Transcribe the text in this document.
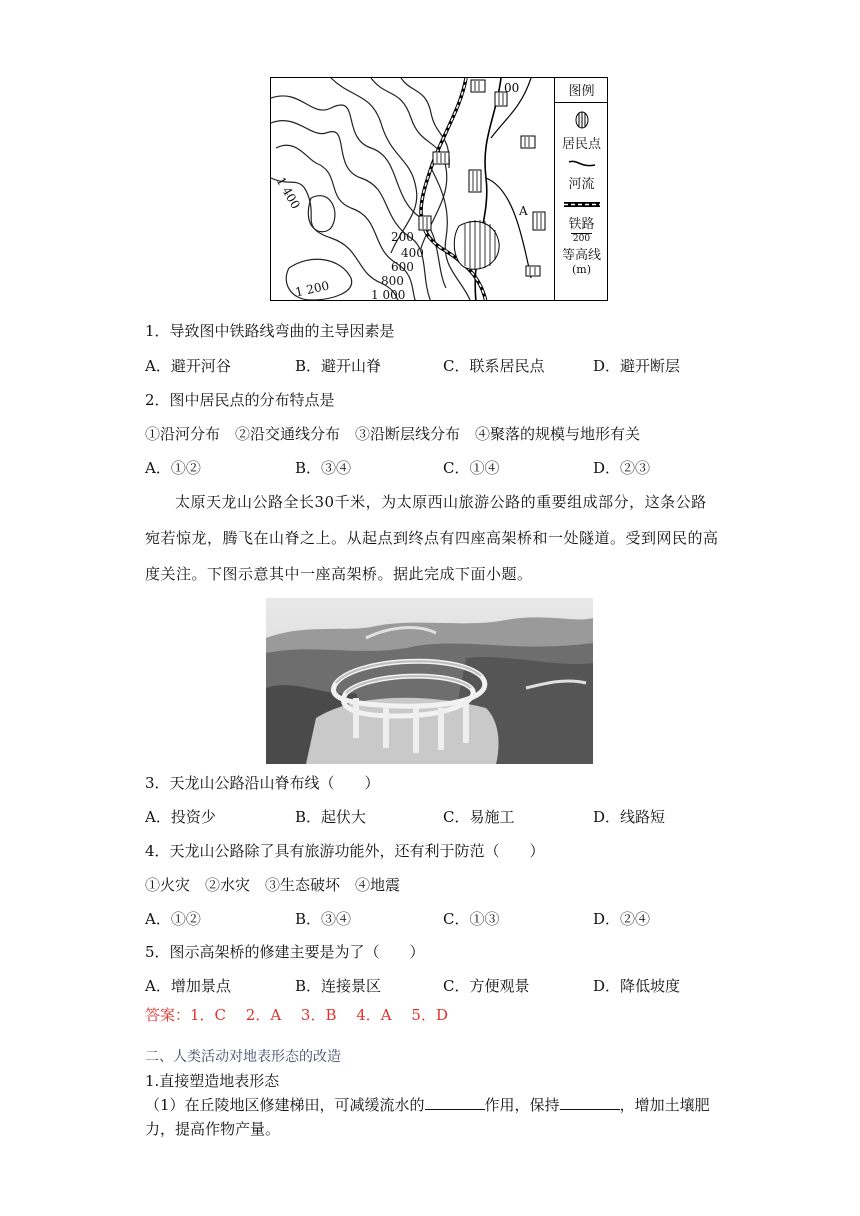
00
1 400
200
400
600
800
1 000
1 200
A
图例
居民点
河流
铁路
200
等高线
(m)
1．导致图中铁路线弯曲的主导因素是
A．避开河谷	B．避开山脊	C．联系居民点	D．避开断层
2．图中居民点的分布特点是
①沿河分布　②沿交通线分布　③沿断层线分布　④聚落的规模与地形有关
A．①②	B．③④	C．①④	D．②③
太原天龙山公路全长30千米，为太原西山旅游公路的重要组成部分，这条公路宛若惊龙，腾飞在山脊之上。从起点到终点有四座高架桥和一处隧道。受到网民的高度关注。下图示意其中一座高架桥。据此完成下面小题。
3．天龙山公路沿山脊布线（　　）
A．投资少	B．起伏大	C．易施工	D．线路短
4．天龙山公路除了具有旅游功能外，还有利于防范（　　）
①火灾　②水灾　③生态破坏　④地震
A．①②	B．③④	C．①③	D．②④
5．图示高架桥的修建主要是为了（　　）
A．增加景点	B．连接景区	C．方便观景	D．降低坡度
答案：1．C　 2．A　 3．B　 4．A　 5．D
二、人类活动对地表形态的改造
1.直接塑造地表形态
（1）在丘陵地区修建梯田，可减缓流水的	作用，保持	，增加土壤肥
力，提高作物产量。
